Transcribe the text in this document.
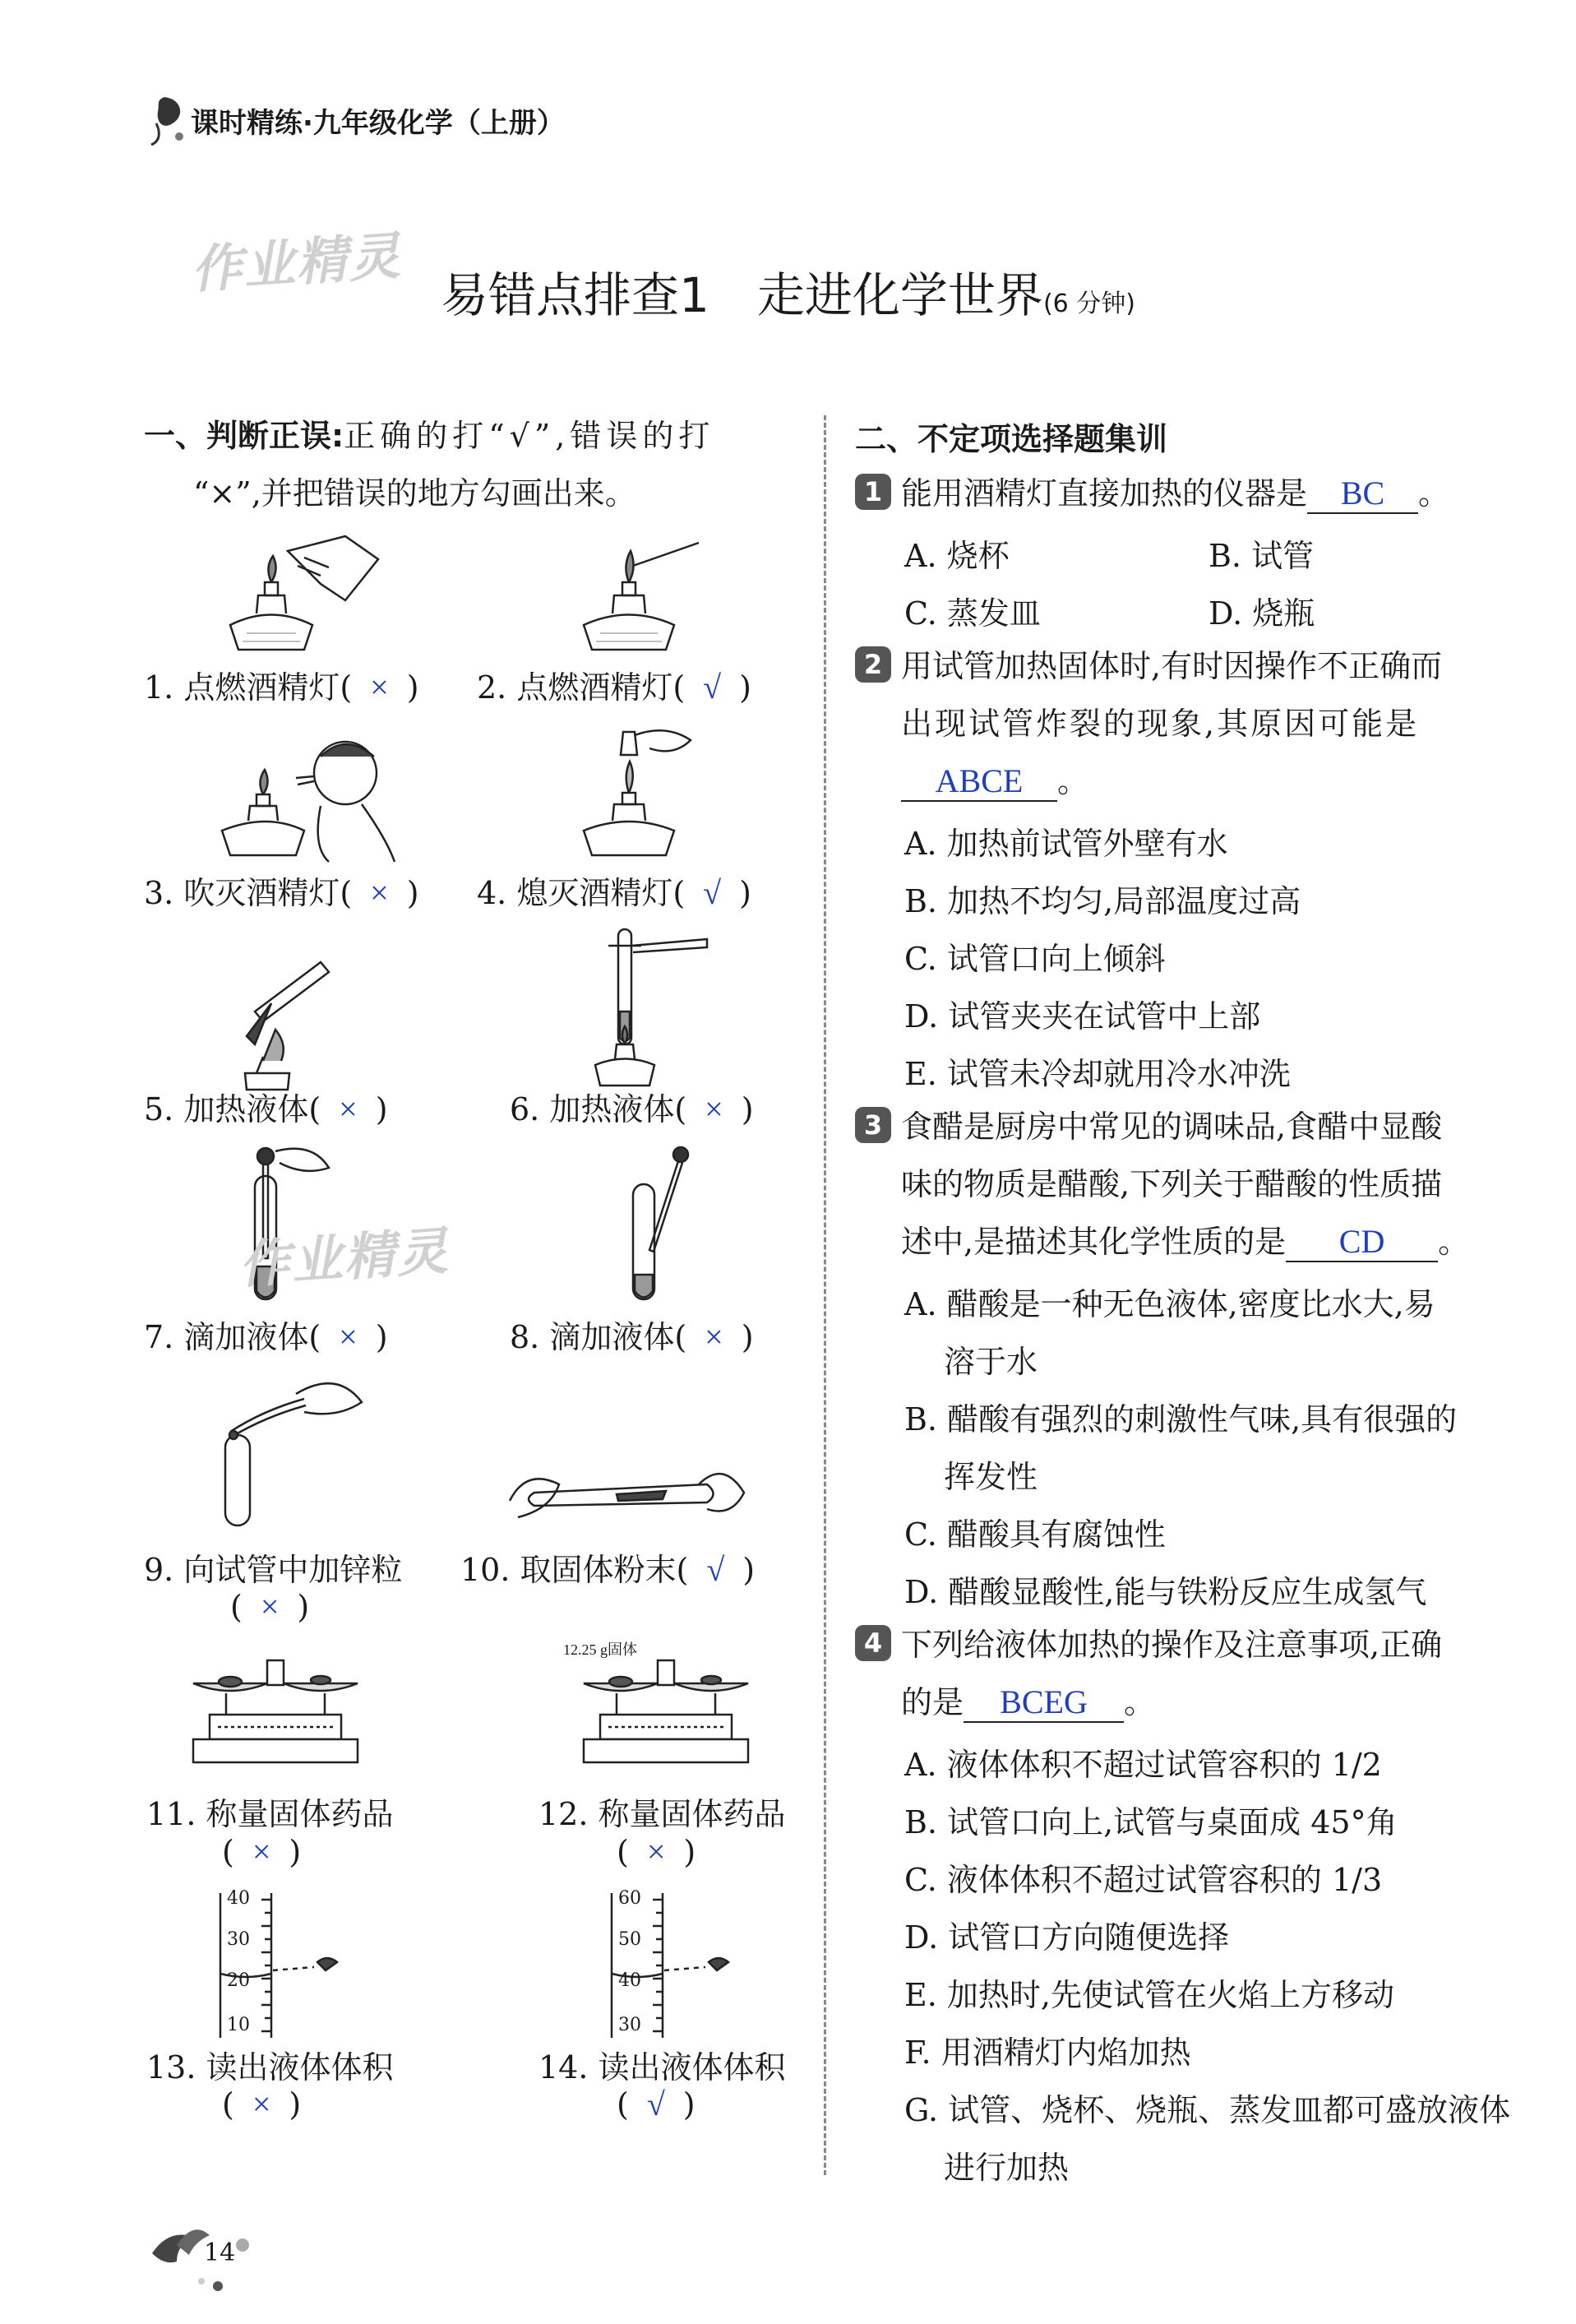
课时精练·九年级化学（上册）
作业精灵 易错点排查1　走进化学世界(6 分钟)
一、判断正误:正确的打“√”,错误的打
“×”,并把错误的地方勾画出来。
1. 点燃酒精灯( × ) 2. 点燃酒精灯( √ )
3. 吹灭酒精灯( × ) 4. 熄灭酒精灯( √ )
5. 加热液体( × )	6. 加热液体( × )
作业精灵
7. 滴加液体( × )	8. 滴加液体( × )
9. 向试管中加锌粒
( × )
10. 取固体粉末( √ )
12.25 g固体
11. 称量固体药品
( × )
12. 称量固体药品
( × )
40
30
20
10
60
50
40
30
13. 读出液体体积
( × )
14. 读出液体体积
( √ )
二、不定项选择题集训
1 能用酒精灯直接加热的仪器是 BC 。
A. 烧杯	B. 试管
C. 蒸发皿	D. 烧瓶
2 用试管加热固体时,有时因操作不正确而
出现试管炸裂的现象,其原因可能是
ABCE 。
A. 加热前试管外壁有水
B. 加热不均匀,局部温度过高
C. 试管口向上倾斜
D. 试管夹夹在试管中上部
E. 试管未冷却就用冷水冲洗
3 食醋是厨房中常见的调味品,食醋中显酸
味的物质是醋酸,下列关于醋酸的性质描
述中,是描述其化学性质的是 CD 。
A. 醋酸是一种无色液体,密度比水大,易
溶于水
B. 醋酸有强烈的刺激性气味,具有很强的
挥发性
C. 醋酸具有腐蚀性
D. 醋酸显酸性,能与铁粉反应生成氢气
4 下列给液体加热的操作及注意事项,正确
的是 BCEG 。
A. 液体体积不超过试管容积的 1/2
B. 试管口向上,试管与桌面成 45°角
C. 液体体积不超过试管容积的 1/3
D. 试管口方向随便选择
E. 加热时,先使试管在火焰上方移动
F. 用酒精灯内焰加热
G. 试管、烧杯、烧瓶、蒸发皿都可盛放液体
进行加热
14
